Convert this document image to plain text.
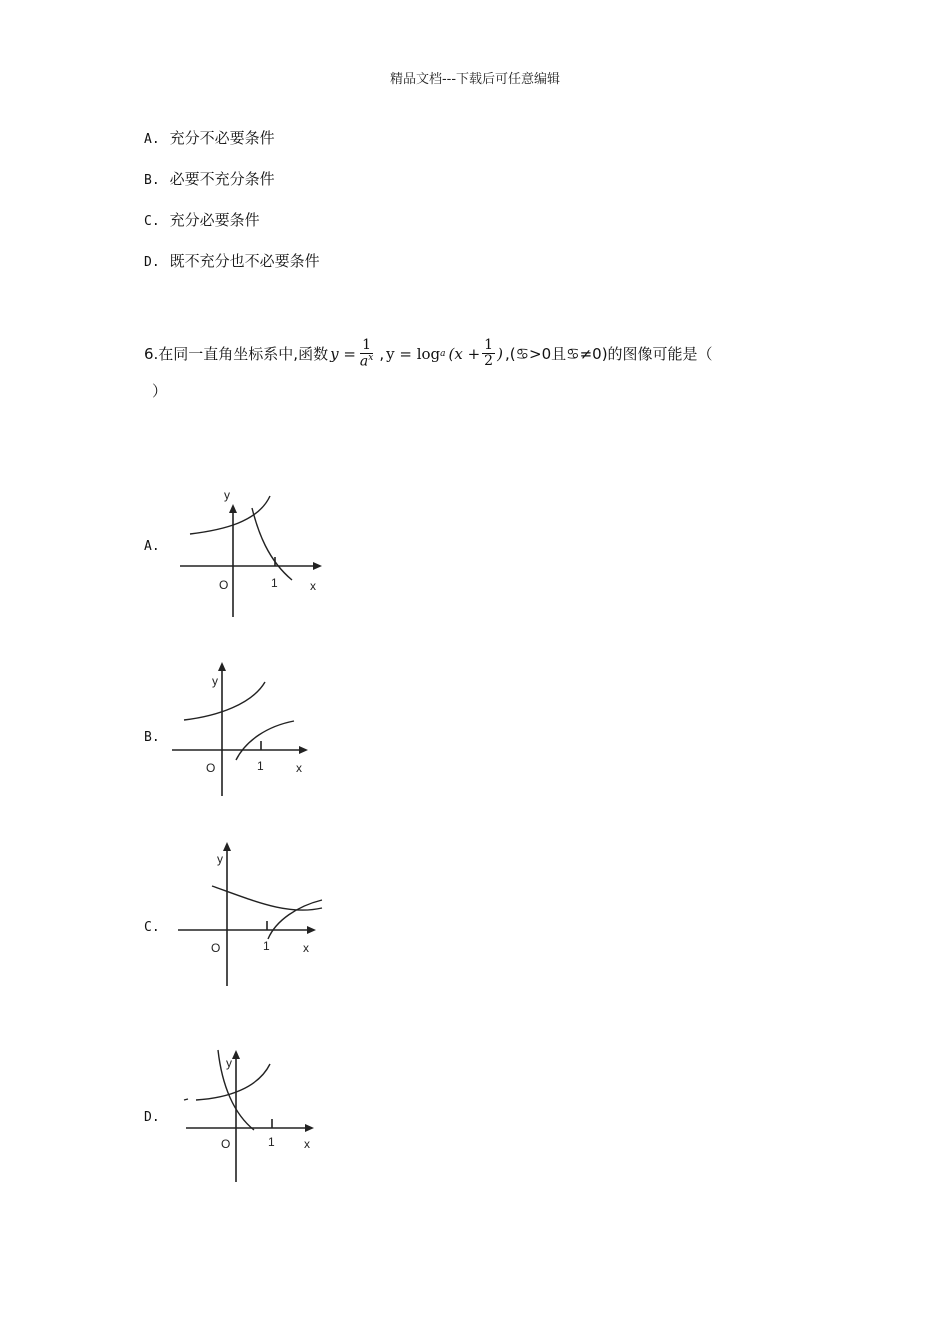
精品文档---下载后可任意编辑
A. 充分不必要条件
B. 必要不充分条件
C. 充分必要条件
D. 既不充分也不必要条件
6.在同一直角坐标系中,函数 $y = \frac{1}{a^x}$ , y = log a ($x + \frac{1}{2}$ ) ,(♋>0且♋≠0)的图像可能是（
）
A.
y
O	1	x
B.
y
O	1	x
C.
y
O	1	x
D.
y
O	1 x
